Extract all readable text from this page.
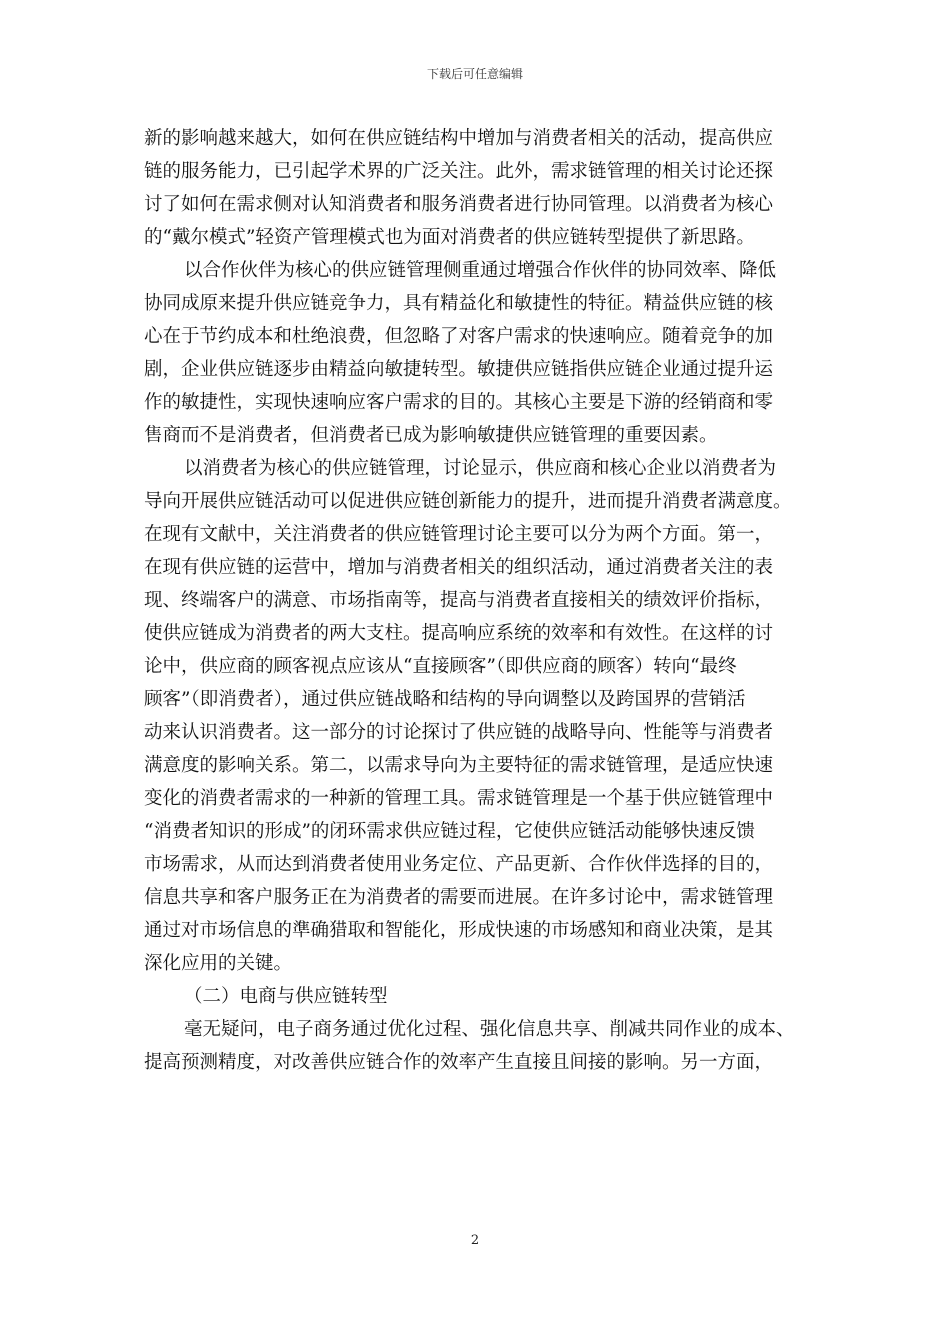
下载后可任意编辑
新的影响越来越大，如何在供应链结构中增加与消费者相关的活动，提高供应
链的服务能力，已引起学术界的广泛关注。此外，需求链管理的相关讨论还探
讨了如何在需求侧对认知消费者和服务消费者进行协同管理。以消费者为核心
的“戴尔模式”轻资产管理模式也为面对消费者的供应链转型提供了新思路。
以合作伙伴为核心的供应链管理侧重通过增强合作伙伴的协同效率、降低
协同成原来提升供应链竞争力，具有精益化和敏捷性的特征。精益供应链的核
心在于节约成本和杜绝浪费，但忽略了对客户需求的快速响应。随着竞争的加
剧，企业供应链逐步由精益向敏捷转型。敏捷供应链指供应链企业通过提升运
作的敏捷性，实现快速响应客户需求的目的。其核心主要是下游的经销商和零
售商而不是消费者，但消费者已成为影响敏捷供应链管理的重要因素。
以消费者为核心的供应链管理，讨论显示，供应商和核心企业以消费者为
导向开展供应链活动可以促进供应链创新能力的提升，进而提升消费者满意度。
在现有文献中，关注消费者的供应链管理讨论主要可以分为两个方面。第一，
在现有供应链的运营中，增加与消费者相关的组织活动，通过消费者关注的表
现、终端客户的满意、市场指南等，提高与消费者直接相关的绩效评价指标，
使供应链成为消费者的两大支柱。提高响应系统的效率和有效性。在这样的讨
论中，供应商的顾客视点应该从“直接顾客”（即供应商的顾客）转向“最终
顾客”（即消费者），通过供应链战略和结构的导向调整以及跨国界的营销活
动来认识消费者。这一部分的讨论探讨了供应链的战略导向、性能等与消费者
满意度的影响关系。第二，以需求导向为主要特征的需求链管理，是适应快速
变化的消费者需求的一种新的管理工具。需求链管理是一个基于供应链管理中
“消费者知识的形成”的闭环需求供应链过程，它使供应链活动能够快速反馈
市场需求，从而达到消费者使用业务定位、产品更新、合作伙伴选择的目的，
信息共享和客户服务正在为消费者的需要而进展。在许多讨论中，需求链管理
通过对市场信息的準确猎取和智能化，形成快速的市场感知和商业决策，是其
深化应用的关键。
（二）电商与供应链转型
毫无疑问，电子商务通过优化过程、强化信息共享、削减共同作业的成本、
提高预测精度，对改善供应链合作的效率产生直接且间接的影响。另一方面，
2
